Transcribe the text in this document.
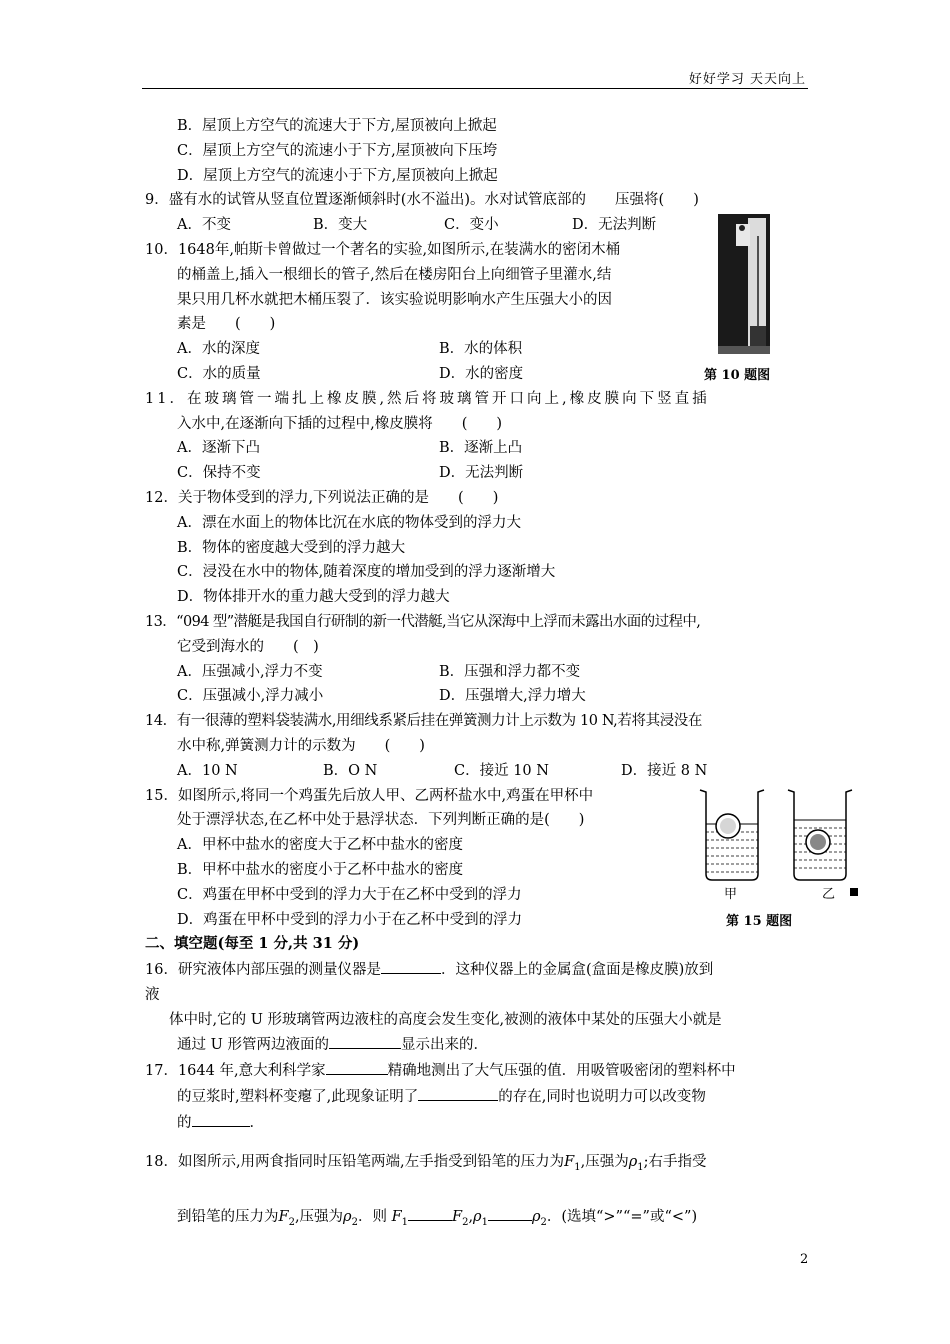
好好学习 天天向上
B．屋顶上方空气的流速大于下方,屋顶被向上掀起
C．屋顶上方空气的流速小于下方,屋顶被向下压垮
D．屋顶上方空气的流速小于下方,屋顶被向上掀起
9．盛有水的试管从竖直位置逐渐倾斜时(水不溢出)。水对试管底部的　　压强将(　　)
A．不变	B．变大	C．变小	D．无法判断
10．1648年,帕斯卡曾做过一个著名的实验,如图所示,在装满水的密闭木桶
的桶盖上,插入一根细长的管子,然后在楼房阳台上向细管子里灌水,结
果只用几杯水就把木桶压裂了．该实验说明影响水产生压强大小的因
素是　　(　　)
A．水的深度	B．水的体积
C．水的质量	D．水的密度
11．在玻璃管一端扎上橡皮膜,然后将玻璃管开口向上,橡皮膜向下竖直插
入水中,在逐渐向下插的过程中,橡皮膜将　　(　　)
A．逐渐下凸	B．逐渐上凸
C．保持不变	D．无法判断
12．关于物体受到的浮力,下列说法正确的是　　(　　)
A．漂在水面上的物体比沉在水底的物体受到的浮力大
B．物体的密度越大受到的浮力越大
C．浸没在水中的物体,随着深度的增加受到的浮力逐渐增大
D．物体排开水的重力越大受到的浮力越大
13．“094 型”潜艇是我国自行研制的新一代潜艇,当它从深海中上浮而未露出水面的过程中,
它受到海水的　　(　)
A．压强减小,浮力不变	B．压强和浮力都不变
C．压强减小,浮力减小	D．压强增大,浮力增大
14．有一很薄的塑料袋装满水,用细线系紧后挂在弹簧测力计上示数为 10 N,若将其浸没在
水中称,弹簧测力计的示数为　　(　　)
A．10 N	B．O N	C．接近 10 N	D．接近 8 N
15．如图所示,将同一个鸡蛋先后放人甲、乙两杯盐水中,鸡蛋在甲杯中
处于漂浮状态,在乙杯中处于悬浮状态．下列判断正确的是(　　)
A．甲杯中盐水的密度大于乙杯中盐水的密度
B．甲杯中盐水的密度小于乙杯中盐水的密度
C．鸡蛋在甲杯中受到的浮力大于在乙杯中受到的浮力
D．鸡蛋在甲杯中受到的浮力小于在乙杯中受到的浮力
二、填空题(每至 1 分,共 31 分)
16．研究液体内部压强的测量仪器是	．这种仪器上的金属盒(盒面是橡皮膜)放到
液
体中时,它的 U 形玻璃管两边液柱的高度会发生变化,被测的液体中某处的压强大小就是
通过 U 形管两边液面的	显示出来的．
17．1644 年,意大利科学家	精确地测出了大气压强的值．用吸管吸密闭的塑料杯中
的豆浆时,塑料杯变瘪了,此现象证明了	的存在,同时也说明力可以改变物
的	．
18．如图所示,用两食指同时压铅笔两端,左手指受到铅笔的压力为$F_1$,压强为$\rho_1$;右手指受
到铅笔的压力为$F_2$,压强为$\rho_2$．则 $F_1$	$F_2,\rho_1$	$\rho_2$．(选填“>”“=”或“<”)
第 10 题图
甲	乙
第 15 题图
2
